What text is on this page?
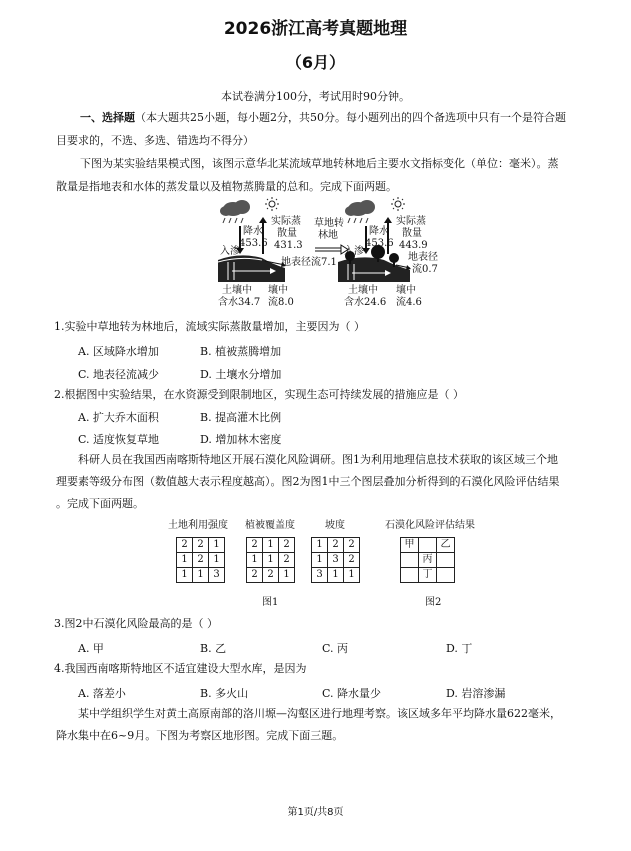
2026浙江高考真题地理
（6月）
本试卷满分100分，考试用时90分钟。
一、选择题（本大题共25小题，每小题2分，共50分。每小题列出的四个备选项中只有一个是符合题
目要求的，不选、多选、错选均不得分）
下图为某实验结果模式图，该图示意华北某流域草地转林地后主要水文指标变化（单位：毫米）。蒸
散量是指地表和水体的蒸发量以及植物蒸腾量的总和。完成下面两题。
降水
453.6
实际蒸
散量
431.3
入渗
地表径流7.1
土壤中
含水34.7
壤中
流8.0
草地转
林地	降水
453.6
实际蒸
散量
443.9
入渗
地表径
流0.7
土壤中
含水24.6
壤中
流4.6
1.实验中草地转为林地后，流域实际蒸散量增加，主要因为（ ）
A. 区域降水增加	B. 植被蒸腾增加
C. 地表径流减少	D. 土壤水分增加
2.根据图中实验结果，在水资源受到限制地区，实现生态可持续发展的措施应是（ ）
A. 扩大乔木面积	B. 提高灌木比例
C. 适度恢复草地	D. 增加林木密度
科研人员在我国西南喀斯特地区开展石漠化风险调研。图1为利用地理信息技术获取的该区域三个地
理要素等级分布图（数值越大表示程度越高）。图2为图1中三个图层叠加分析得到的石漠化风险评估结果
。完成下面两题。
土地利用强度 植被覆盖度	坡度	石漠化风险评估结果
2	2	1
1	2	1
1	1	3
2	1	2
1	1	2
2	2	1
1	2	2
1	3	2
3	1	1
甲		乙
	丙	
	丁	
图1	图2
3.图2中石漠化风险最高的是（ ）
A. 甲	B. 乙	C. 丙	D. 丁
4.我国西南喀斯特地区不适宜建设大型水库，是因为
A. 落差小	B. 多火山	C. 降水量少	D. 岩溶渗漏
某中学组织学生对黄土高原南部的洛川塬—沟壑区进行地理考察。该区域多年平均降水量622毫米，
降水集中在6~9月。下图为考察区地形图。完成下面三题。
第1页/共8页
